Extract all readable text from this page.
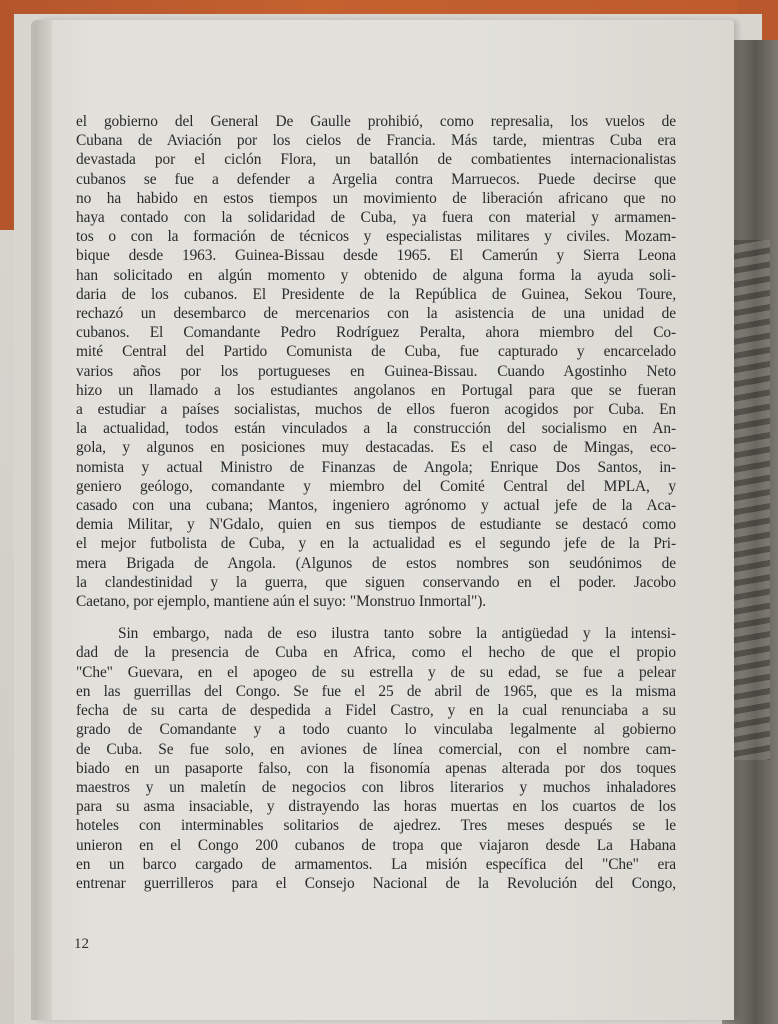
el gobierno del General De Gaulle prohibió, como represalia, los vuelos de

Cubana de Aviación por los cielos de Francia. Más tarde, mientras Cuba era

devastada por el ciclón Flora, un batallón de combatientes internacionalistas

cubanos se fue a defender a Argelia contra Marruecos. Puede decirse que

no ha habido en estos tiempos un movimiento de liberación africano que no

haya contado con la solidaridad de Cuba, ya fuera con material y armamen-

tos o con la formación de técnicos y especialistas militares y civiles. Mozam-

bique desde 1963. Guinea-Bissau desde 1965. El Camerún y Sierra Leona

han solicitado en algún momento y obtenido de alguna forma la ayuda soli-

daria de los cubanos. El Presidente de la República de Guinea, Sekou Toure,

rechazó un desembarco de mercenarios con la asistencia de una unidad de

cubanos. El Comandante Pedro Rodríguez Peralta, ahora miembro del Co-

mité Central del Partido Comunista de Cuba, fue capturado y encarcelado

varios años por los portugueses en Guinea-Bissau. Cuando Agostinho Neto

hizo un llamado a los estudiantes angolanos en Portugal para que se fueran

a estudiar a países socialistas, muchos de ellos fueron acogidos por Cuba. En

la actualidad, todos están vinculados a la construcción del socialismo en An-

gola, y algunos en posiciones muy destacadas. Es el caso de Mingas, eco-

nomista y actual Ministro de Finanzas de Angola; Enrique Dos Santos, in-

geniero geólogo, comandante y miembro del Comité Central del MPLA, y

casado con una cubana; Mantos, ingeniero agrónomo y actual jefe de la Aca-

demia Militar, y N'Gdalo, quien en sus tiempos de estudiante se destacó como

el mejor futbolista de Cuba, y en la actualidad es el segundo jefe de la Pri-

mera Brigada de Angola. (Algunos de estos nombres son seudónimos de

la clandestinidad y la guerra, que siguen conservando en el poder. Jacobo

Caetano, por ejemplo, mantiene aún el suyo: "Monstruo Inmortal").

Sin embargo, nada de eso ilustra tanto sobre la antigüedad y la intensi-

dad de la presencia de Cuba en Africa, como el hecho de que el propio

"Che" Guevara, en el apogeo de su estrella y de su edad, se fue a pelear

en las guerrillas del Congo. Se fue el 25 de abril de 1965, que es la misma

fecha de su carta de despedida a Fidel Castro, y en la cual renunciaba a su

grado de Comandante y a todo cuanto lo vinculaba legalmente al gobierno

de Cuba. Se fue solo, en aviones de línea comercial, con el nombre cam-

biado en un pasaporte falso, con la fisonomía apenas alterada por dos toques

maestros y un maletín de negocios con libros literarios y muchos inhaladores

para su asma insaciable, y distrayendo las horas muertas en los cuartos de los

hoteles con interminables solitarios de ajedrez. Tres meses después se le

unieron en el Congo 200 cubanos de tropa que viajaron desde La Habana

en un barco cargado de armamentos. La misión específica del "Che" era

entrenar guerrilleros para el Consejo Nacional de la Revolución del Congo,

12
